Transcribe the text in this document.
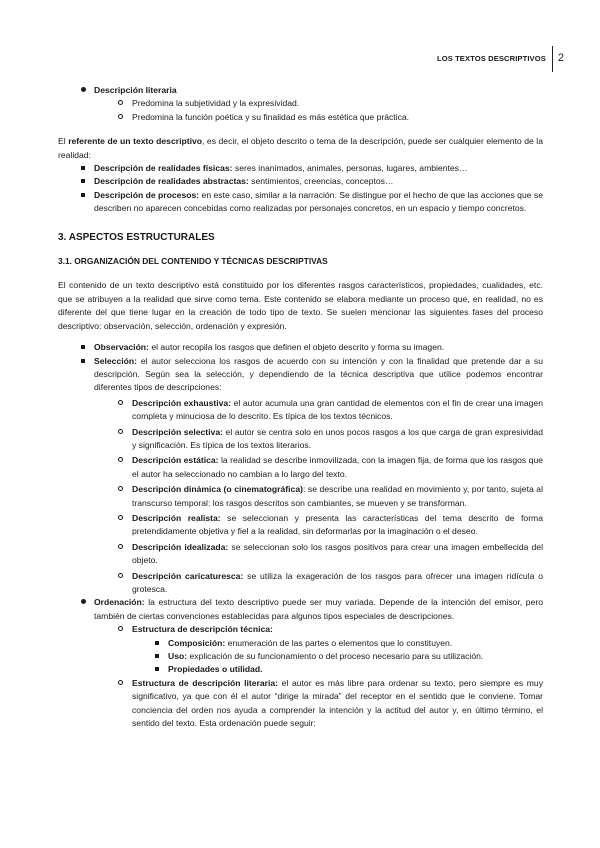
LOS TEXTOS DESCRIPTIVOS 2
Descripción literaria
Predomina la subjetividad y la expresividad.
Predomina la función poética y su finalidad es más estética que práctica.

El referente de un texto descriptivo, es decir, el objeto descrito o tema de la descripción, puede ser cualquier elemento de la realidad:

Descripción de realidades físicas: seres inanimados, animales, personas, lugares, ambientes…
Descripción de realidades abstractas: sentimientos, creencias, conceptos…
Descripción de procesos: en este caso, similar a la narración. Se distingue por el hecho de que las acciones que se describen no aparecen concebidas como realizadas por personajes concretos, en un espacio y tiempo concretos.
3. ASPECTOS ESTRUCTURALES
3.1. ORGANIZACIÓN DEL CONTENIDO Y TÉCNICAS DESCRIPTIVAS

El contenido de un texto descriptivo está constituido por los diferentes rasgos característicos, propiedades, cualidades, etc. que se atribuyen a la realidad que sirve como tema. Este contenido se elabora mediante un proceso que, en realidad, no es diferente del que tiene lugar en la creación de todo tipo de texto. Se suelen mencionar las siguientes fases del proceso descriptivo: observación, selección, ordenación y expresión.

Observación: el autor recopila los rasgos que definen el objeto descrito y forma su imagen.
Selección: el autor selecciona los rasgos de acuerdo con su intención y con la finalidad que pretende dar a su descripción. Según sea la selección, y dependiendo de la técnica descriptiva que utilice podemos encontrar diferentes tipos de descripciones:
Descripción exhaustiva: el autor acumula una gran cantidad de elementos con el fin de crear una imagen completa y minuciosa de lo descrito. Es típica de los textos técnicos.
Descripción selectiva: el autor se centra solo en unos pocos rasgos a los que carga de gran expresividad y significación. Es típica de los textos literarios.
Descripción estática: la realidad se describe inmovilizada, con la imagen fija, de forma que los rasgos que el autor ha seleccionado no cambian a lo largo del texto.
Descripción dinámica (o cinematográfica): se describe una realidad en movimiento y, por tanto, sujeta al transcurso temporal: los rasgos descritos son cambiantes, se mueven y se transforman.
Descripción realista: se seleccionan y presenta las características del tema descrito de forma pretendidamente objetiva y fiel a la realidad, sin deformarlas por la imaginación o el deseo.
Descripción idealizada: se seleccionan solo los rasgos positivos para crear una imagen embellecida del objeto.
Descripción caricaturesca: se utiliza la exageración de los rasgos para ofrecer una imagen ridícula o grotesca.
Ordenación: la estructura del texto descriptivo puede ser muy variada. Depende de la intención del emisor, pero también de ciertas convenciones establecidas para algunos tipos especiales de descripciones.
Estructura de descripción técnica:
Composición: enumeración de las partes o elementos que lo constituyen.
Uso: explicación de su funcionamiento o del proceso necesario para su utilización.
Propiedades o utilidad.
Estructura de descripción literaria: el autor es más libre para ordenar su texto, pero siempre es muy significativo, ya que con él el autor “dirige la mirada” del receptor en el sentido que le conviene. Tomar conciencia del orden nos ayuda a comprender la intención y la actitud del autor y, en último término, el sentido del texto. Esta ordenación puede seguir:
